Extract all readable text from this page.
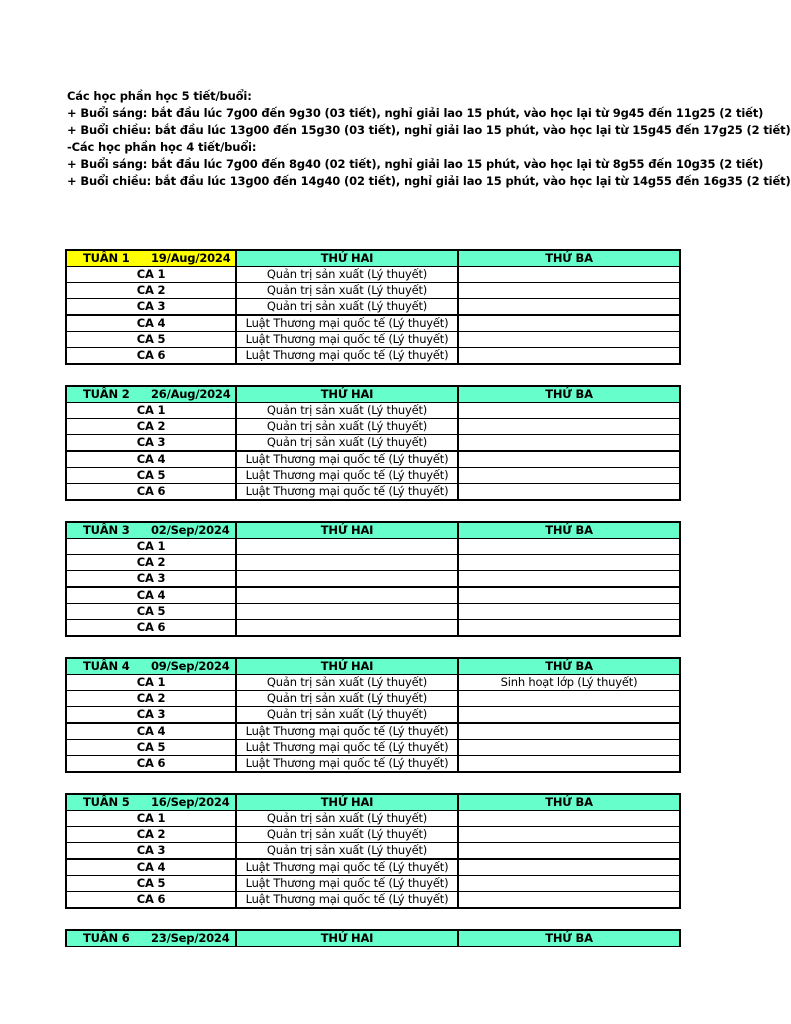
Các học phần học 5 tiết/buổi:
+ Buổi sáng: bắt đầu lúc 7g00 đến 9g30 (03 tiết), nghỉ giải lao 15 phút, vào học lại từ 9g45 đến 11g25 (2 tiết)
+ Buổi chiều: bắt đầu lúc 13g00 đến 15g30 (03 tiết), nghỉ giải lao 15 phút, vào học lại từ 15g45 đến 17g25 (2 tiết)
-Các học phần học 4 tiết/buổi:
+ Buổi sáng: bắt đầu lúc 7g00 đến 8g40 (02 tiết), nghỉ giải lao 15 phút, vào học lại từ 8g55 đến 10g35 (2 tiết)
+ Buổi chiều: bắt đầu lúc 13g00 đến 14g40 (02 tiết), nghỉ giải lao 15 phút, vào học lại từ 14g55 đến 16g35 (2 tiết)
TUẦN 1 19/Aug/2024	THỨ HAI	THỨ BA
CA 1	Quản trị sản xuất (Lý thuyết)	
CA 2	Quản trị sản xuất (Lý thuyết)	
CA 3	Quản trị sản xuất (Lý thuyết)	
CA 4	Luật Thương mại quốc tế (Lý thuyết)	
CA 5	Luật Thương mại quốc tế (Lý thuyết)	
CA 6	Luật Thương mại quốc tế (Lý thuyết)	
TUẦN 2 26/Aug/2024	THỨ HAI	THỨ BA
CA 1	Quản trị sản xuất (Lý thuyết)	
CA 2	Quản trị sản xuất (Lý thuyết)	
CA 3	Quản trị sản xuất (Lý thuyết)	
CA 4	Luật Thương mại quốc tế (Lý thuyết)	
CA 5	Luật Thương mại quốc tế (Lý thuyết)	
CA 6	Luật Thương mại quốc tế (Lý thuyết)	
TUẦN 3 02/Sep/2024	THỨ HAI	THỨ BA
CA 1		
CA 2		
CA 3		
CA 4		
CA 5		
CA 6		
TUẦN 4 09/Sep/2024	THỨ HAI	THỨ BA
CA 1	Quản trị sản xuất (Lý thuyết)	Sinh hoạt lớp (Lý thuyết)
CA 2	Quản trị sản xuất (Lý thuyết)	
CA 3	Quản trị sản xuất (Lý thuyết)	
CA 4	Luật Thương mại quốc tế (Lý thuyết)	
CA 5	Luật Thương mại quốc tế (Lý thuyết)	
CA 6	Luật Thương mại quốc tế (Lý thuyết)	
TUẦN 5 16/Sep/2024	THỨ HAI	THỨ BA
CA 1	Quản trị sản xuất (Lý thuyết)	
CA 2	Quản trị sản xuất (Lý thuyết)	
CA 3	Quản trị sản xuất (Lý thuyết)	
CA 4	Luật Thương mại quốc tế (Lý thuyết)	
CA 5	Luật Thương mại quốc tế (Lý thuyết)	
CA 6	Luật Thương mại quốc tế (Lý thuyết)	
TUẦN 6 23/Sep/2024	THỨ HAI	THỨ BA
